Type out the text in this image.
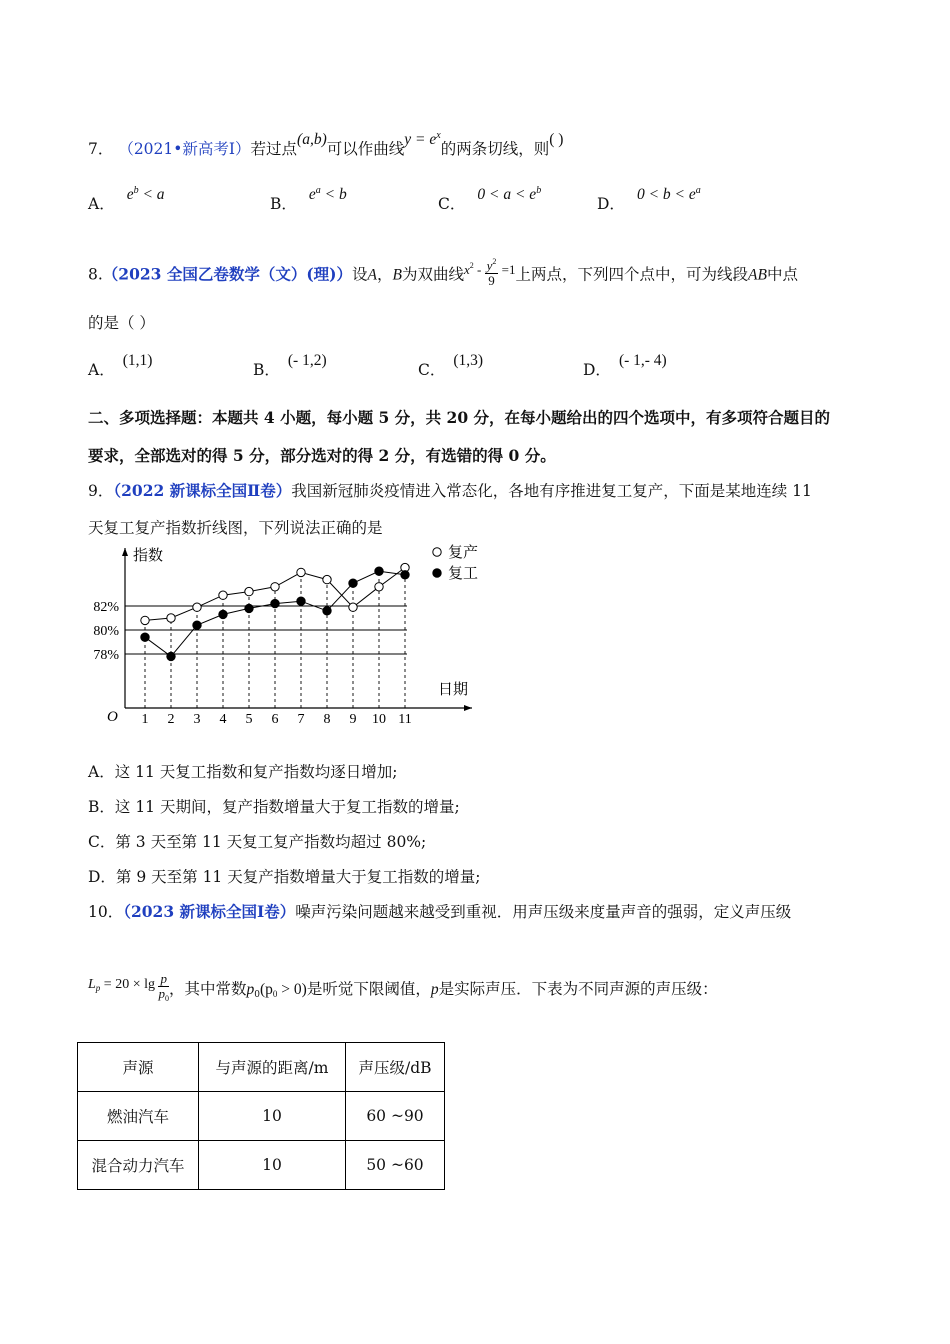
7． （2021•新高考Ⅰ）若过点(a,b)可以作曲线$y = e^x$的两条切线，则( )
A．$e^b < a$
B．$e^a < b$
C．$0 < a < e^b$
D．$0 < b < e^a$
8.（2023 全国乙卷数学（文）(理)）设A，B为双曲线$^{x^2 - \frac{y^2}{9} =1}$上两点，下列四个点中，可为线段AB中点
的是（ ）
A．(1,1)
B．(- 1,2)
C．(1,3)
D．(- 1,- 4)
二、多项选择题：本题共 4 小题，每小题 5 分，共 20 分，在每小题给出的四个选项中，有多项符合题目的
要求，全部选对的得 5 分，部分选对的得 2 分，有选错的得 0 分。
9．（2022 新课标全国Ⅱ卷）我国新冠肺炎疫情进入常态化，各地有序推进复工复产，下面是某地连续 11
天复工复产指数折线图，下列说法正确的是
指数
日期
O
78%
80%
82%
1 2 3 4 5 6 7 8 9 10 11
复产
复工
A．这 11 天复工指数和复产指数均逐日增加;
B．这 11 天期间，复产指数增量大于复工指数的增量;
C．第 3 天至第 11 天复工复产指数均超过 80%;
D．第 9 天至第 11 天复产指数增量大于复工指数的增量;
10．（2023 新课标全国Ⅰ卷）噪声污染问题越来越受到重视．用声压级来度量声音的强弱，定义声压级
$L_p = 20 \times \lg \frac{p}{p_0}$ ，其中常数$p_0(p_0 > 0)$是听觉下限阈值，p是实际声压．下表为不同声源的声压级：
声源	与声源的距离/m	声压级/dB
燃油汽车	10	60 ~90
混合动力汽车	10	50 ~60
